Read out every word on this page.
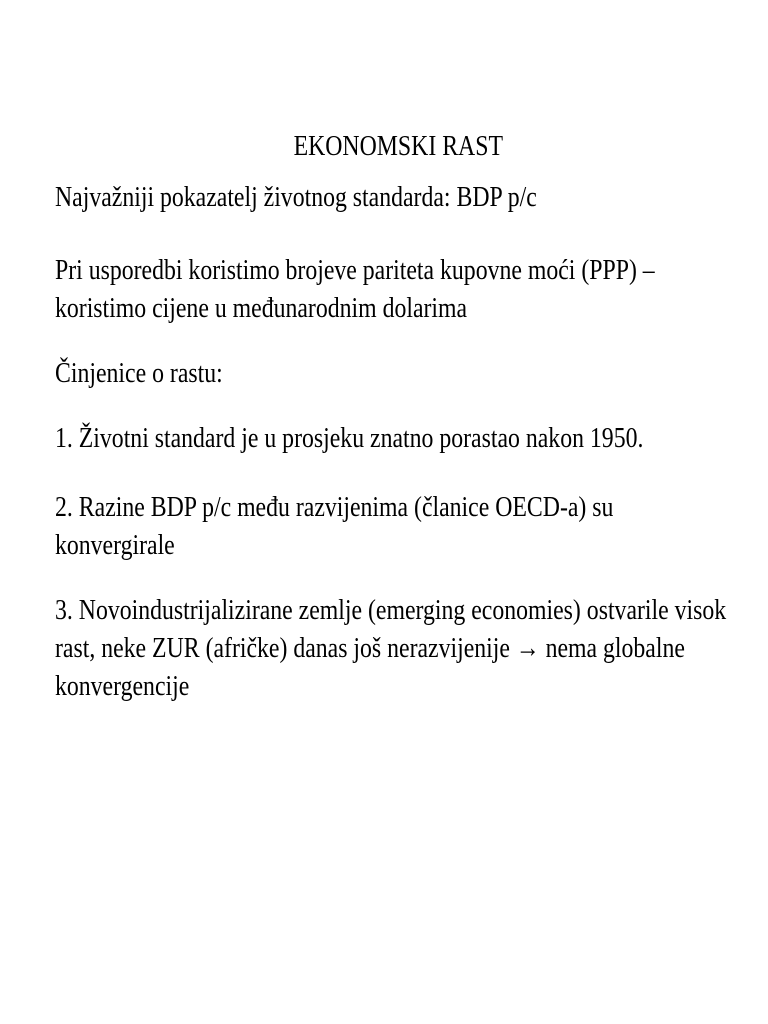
EKONOMSKI RAST

Najvažniji pokazatelj životnog standarda: BDP p/c

Pri usporedbi koristimo brojeve pariteta kupovne moći (PPP) – koristimo cijene u međunarodnim dolarima

Činjenice o rastu:

1. Životni standard je u prosjeku znatno porastao nakon 1950.

2. Razine BDP p/c među razvijenima (članice OECD-a) su konvergirale

3. Novoindustrijalizirane zemlje (emerging economies) ostvarile visok rast, neke ZUR (afričke) danas još nerazvijenije → nema globalne konvergencije
